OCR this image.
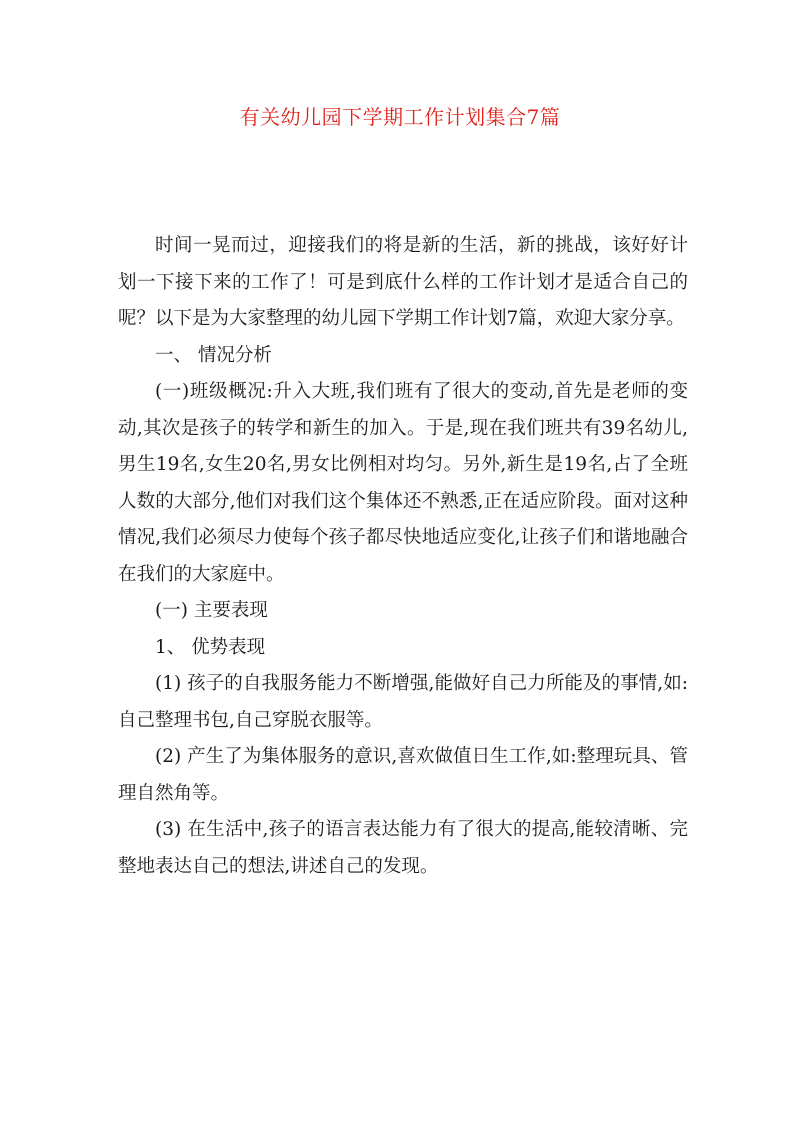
有关幼儿园下学期工作计划集合7篇

时间一晃而过，迎接我们的将是新的生活，新的挑战，该好好计划一下接下来的工作了！可是到底什么样的工作计划才是适合自己的呢？以下是为大家整理的幼儿园下学期工作计划7篇，欢迎大家分享。

一、 情况分析

(一)班级概况:升入大班,我们班有了很大的变动,首先是老师的变动,其次是孩子的转学和新生的加入。于是,现在我们班共有39名幼儿,男生19名,女生20名,男女比例相对均匀。另外,新生是19名,占了全班人数的大部分,他们对我们这个集体还不熟悉,正在适应阶段。面对这种情况,我们必须尽力使每个孩子都尽快地适应变化,让孩子们和谐地融合在我们的大家庭中。

(一) 主要表现

1、 优势表现

(1) 孩子的自我服务能力不断增强,能做好自己力所能及的事情,如:自己整理书包,自己穿脱衣服等。

(2) 产生了为集体服务的意识,喜欢做值日生工作,如:整理玩具、管理自然角等。

(3) 在生活中,孩子的语言表达能力有了很大的提高,能较清晰、完整地表达自己的想法,讲述自己的发现。
